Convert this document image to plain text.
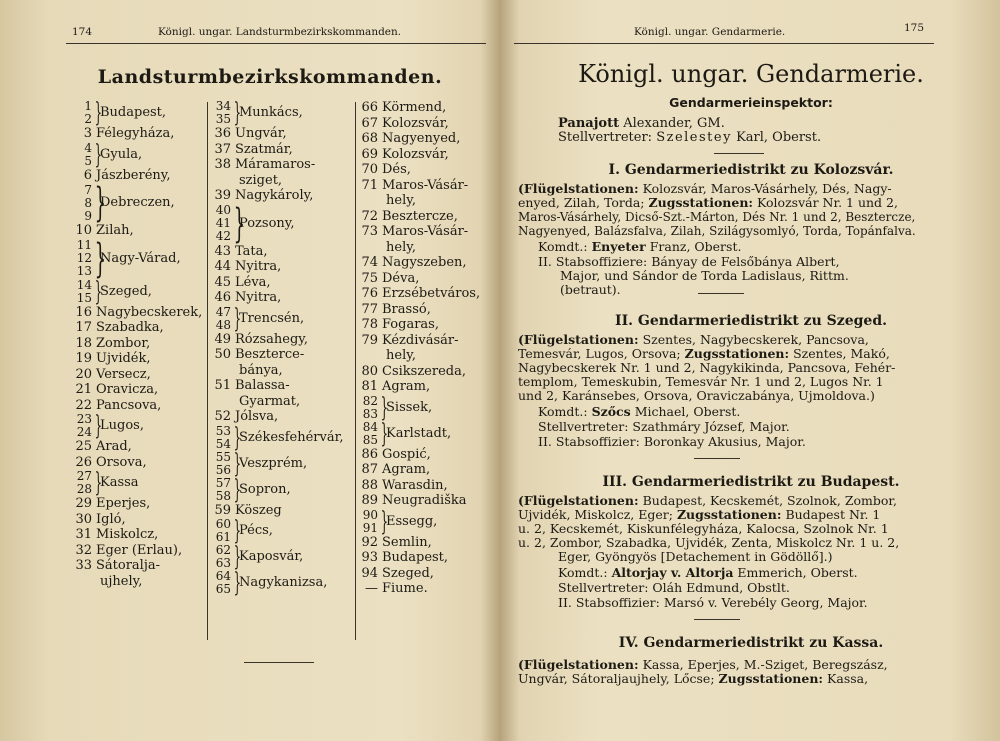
174	Königl. ungar. Landsturmbezirkskommanden.
Landsturmbezirkskommanden.
1
2 }
Budapest,
3 Félegyháza,
4
5 }
Gyula,
6 Jászberény,
7
8
9 }
Debreczen,
10 Zilah,
11
12
13 }
Nagy-Várad,
14
15 }
Szeged,
16 Nagybecskerek,
17 Szabadka,
18 Zombor,
19 Ujvidék,
20 Versecz,
21 Oravicza,
22 Pancsova,
23
24 }
Lugos,
25 Arad,
26 Orsova,
27
28 }
Kassa
29 Eperjes,
30 Igló,
31 Miskolcz,
32 Eger (Erlau),
33 Sátoralja-
ujhely,
34
35 }
Munkács,
36 Ungvár,
37 Szatmár,
38 Máramaros-
sziget,
39 Nagykároly,
40
41
42 }
Pozsony,
43 Tata,
44 Nyitra,
45 Léva,
46 Nyitra,
47
48 }
Trencsén,
49 Rózsahegy,
50 Beszterce-
bánya,
51 Balassa-
Gyarmat,
52 Jólsva,
53
54 }
Székesfehérvár,
55
56 }
Veszprém,
57
58 }
Sopron,
59 Köszeg
60
61 }
Pécs,
62
63 }
Kaposvár,
64
65 }
Nagykanizsa,
66 Körmend,
67 Kolozsvár,
68 Nagyenyed,
69 Kolozsvár,
70 Dés,
71 Maros-Vásár-
hely,
72 Besztercze,
73 Maros-Vásár-
hely,
74 Nagyszeben,
75 Déva,
76 Erzsébetváros,
77 Brassó,
78 Fogaras,
79 Kézdivásár-
hely,
80 Csikszereda,
81 Agram,
82
83 }
Sissek,
84
85 }
Karlstadt,
86 Gospić,
87 Agram,
88 Warasdin,
89 Neugradiška
90
91 }
Essegg,
92 Semlin,
93 Budapest,
94 Szeged,
— Fiume.
Königl. ungar. Gendarmerie.	175
Königl. ungar. Gendarmerie.
Gendarmerieinspektor:
Panajott Alexander, GM.
Stellvertreter: Szelestey Karl, Oberst.
I. Gendarmeriedistrikt zu Kolozsvár.
(Flügelstationen: Kolozsvár, Maros-Vásárhely, Dés, Nagy-
enyed, Zilah, Torda; Zugsstationen: Kolozsvár Nr. 1 und 2,
Maros-Vásárhely, Dicső-Szt.-Márton, Dés Nr. 1 und 2, Besztercze,
Nagyenyed, Balázsfalva, Zilah, Szilágysomlyó, Torda, Topánfalva.
Komdt.: Enyeter Franz, Oberst.
II. Stabsoffiziere: Bányay de Felsőbánya Albert,
Major, und Sándor de Torda Ladislaus, Rittm.
(betraut).
II. Gendarmeriedistrikt zu Szeged.
(Flügelstationen: Szentes, Nagybecskerek, Pancsova,
Temesvár, Lugos, Orsova; Zugsstationen: Szentes, Makó,
Nagybecskerek Nr. 1 und 2, Nagykikinda, Pancsova, Fehér-
templom, Temeskubin, Temesvár Nr. 1 und 2, Lugos Nr. 1
und 2, Karánsebes, Orsova, Oraviczabánya, Ujmoldova.)
Komdt.: Szőcs Michael, Oberst.
Stellvertreter: Szathmáry József, Major.
II. Stabsoffizier: Boronkay Akusius, Major.
III. Gendarmeriedistrikt zu Budapest.
(Flügelstationen: Budapest, Kecskemét, Szolnok, Zombor,
Ujvidék, Miskolcz, Eger; Zugsstationen: Budapest Nr. 1
u. 2, Kecskemét, Kiskunfélegyháza, Kalocsa, Szolnok Nr. 1
u. 2, Zombor, Szabadka, Ujvidék, Zenta, Miskolcz Nr. 1 u. 2,
Eger, Gyöngyös [Detachement in Gödöllő].)
Komdt.: Altorjay v. Altorja Emmerich, Oberst.
Stellvertreter: Oláh Edmund, Obstlt.
II. Stabsoffizier: Marsó v. Verebély Georg, Major.
IV. Gendarmeriedistrikt zu Kassa.
(Flügelstationen: Kassa, Eperjes, M.-Sziget, Beregszász,
Ungvár, Sátoraljaujhely, Lőcse; Zugsstationen: Kassa,
